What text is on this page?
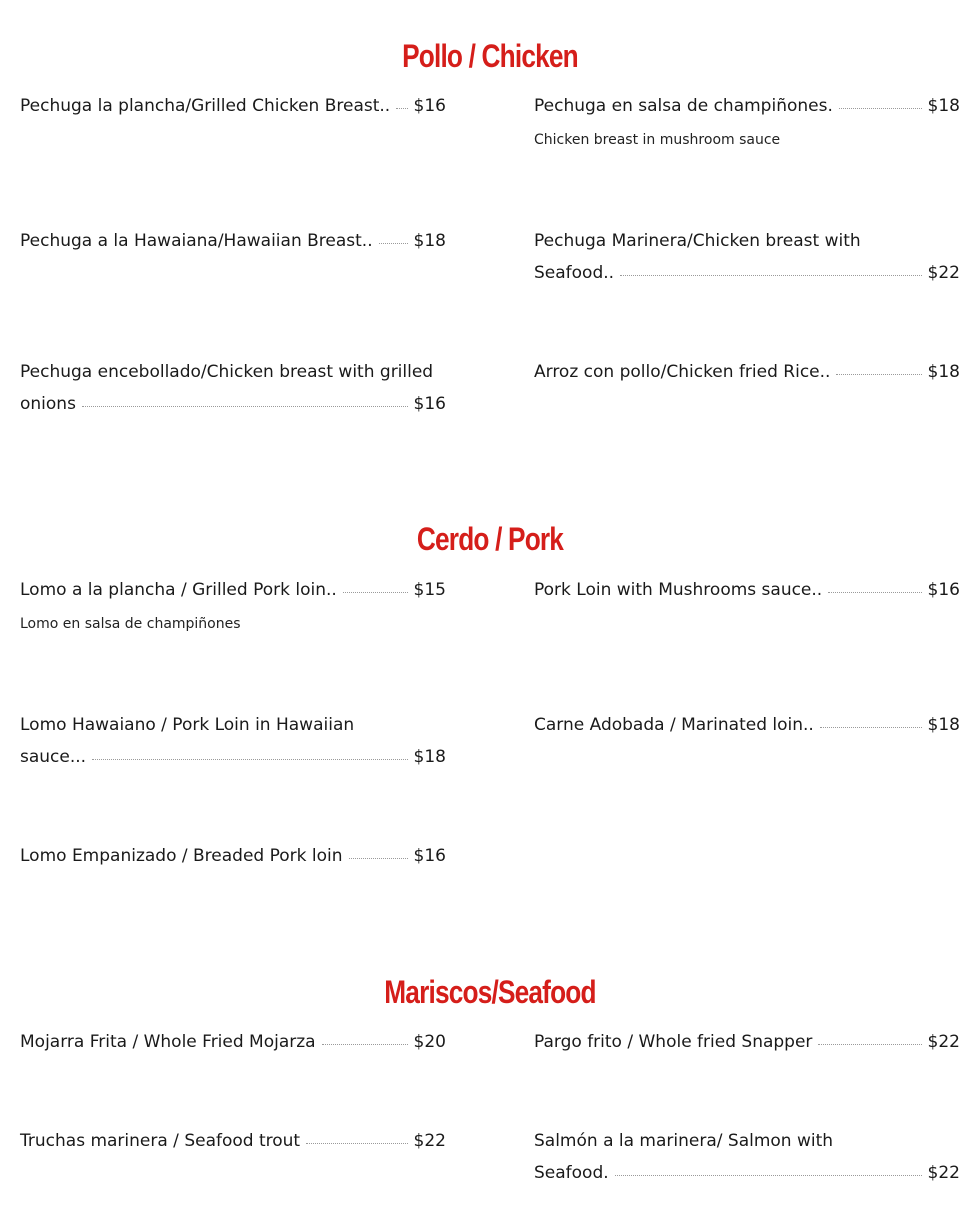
Pollo / Chicken
Pechuga la plancha/Grilled Chicken Breast.. $16	Pechuga en salsa de champiñones.	$18
Chicken breast in mushroom sauce
Pechuga a la Hawaiana/Hawaiian Breast.. $18	Pechuga Marinera/Chicken breast with
Seafood..	$22
Pechuga encebollado/Chicken breast with grilled
onions	$16
Arroz con pollo/Chicken fried Rice..	$18
Cerdo / Pork
Lomo a la plancha / Grilled Pork loin..	$15
Lomo en salsa de champiñones
Pork Loin with Mushrooms sauce..	$16
Lomo Hawaiano / Pork Loin in Hawaiian
sauce...	$18
Carne Adobada / Marinated loin..	$18
Lomo Empanizado / Breaded Pork loin	$16
Mariscos/Seafood
Mojarra Frita / Whole Fried Mojarza	$20	Pargo frito / Whole fried Snapper	$22
Truchas marinera / Seafood trout	$22	Salmón a la marinera/ Salmon with
Seafood.	$22
